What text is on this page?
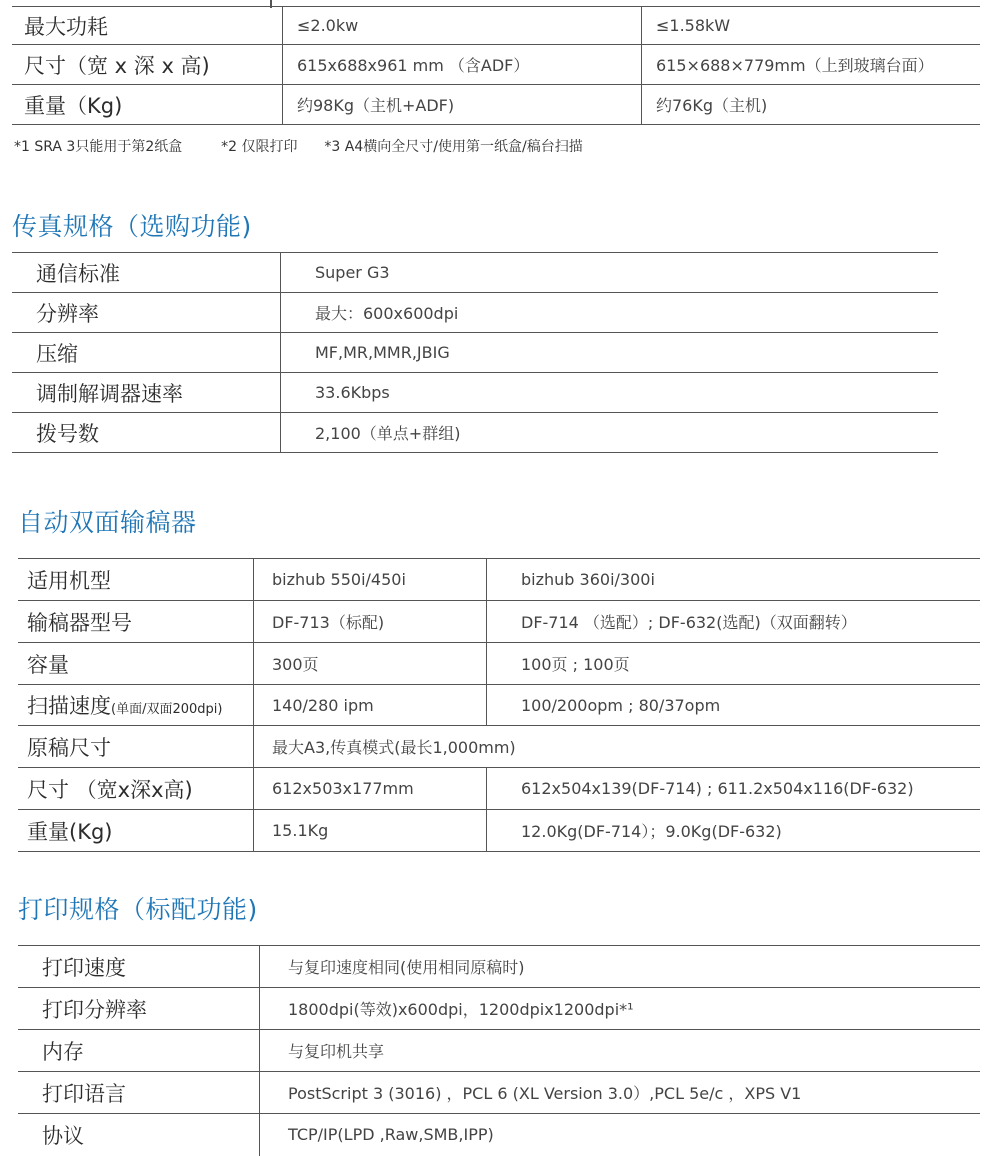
最大功耗	≤2.0kw	≤1.58kW
尺寸（宽 x 深 x 高)	615x688x961 mm （含ADF）	615×688×779mm（上到玻璃台面）
重量（Kg)	约98Kg（主机+ADF)	约76Kg（主机)
*1 SRA 3只能用于第2纸盒	*2 仅限打印 *3 A4横向全尺寸/使用第一纸盒/稿台扫描
传真规格（选购功能)
通信标准	Super G3
分辨率	最大：600x600dpi
压缩	MF,MR,MMR,JBIG
调制解调器速率	33.6Kbps
拨号数	2,100（单点+群组)
自动双面输稿器
适用机型	bizhub 550i/450i	bizhub 360i/300i
输稿器型号	DF-713（标配)	DF-714 （选配）; DF-632(选配)（双面翻转）
容量	300页	100页 ; 100页
扫描速度(单面/双面200dpi)	140/280 ipm	100/200opm ; 80/37opm
原稿尺寸	最大A3,传真模式(最长1,000mm)	
尺寸 （宽x深x高)	612x503x177mm	612x504x139(DF-714) ; 611.2x504x116(DF-632)
重量(Kg)	15.1Kg	12.0Kg(DF-714）；9.0Kg(DF-632)
打印规格（标配功能)
打印速度	与复印速度相同(使用相同原稿时)
打印分辨率	1800dpi(等效)x600dpi，1200dpix1200dpi*¹
内存	与复印机共享
打印语言	PostScript 3 (3016) ，PCL 6 (XL Version 3.0）,PCL 5e/c ，XPS V1
协议	TCP/IP(LPD ,Raw,SMB,IPP)
